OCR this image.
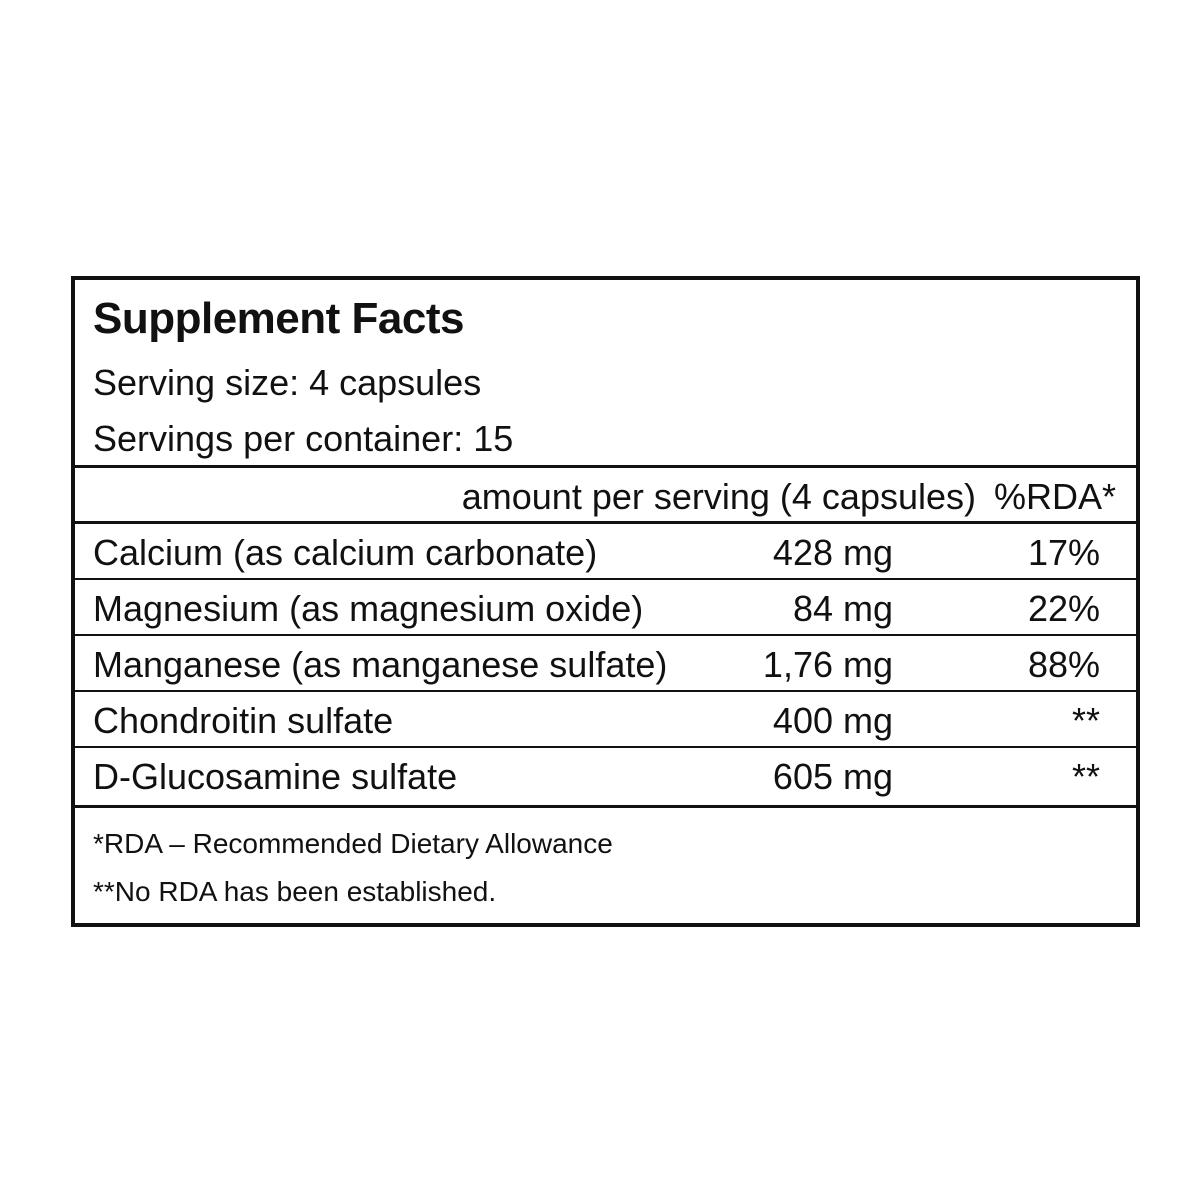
Supplement Facts
Serving size: 4 capsules
Servings per container: 15
amount per serving (4 capsules) %RDA*
Calcium (as calcium carbonate)	428 mg	17%
Magnesium (as magnesium oxide)	84 mg	22%
Manganese (as manganese sulfate)	1,76 mg	88%
Chondroitin sulfate	400 mg	**
D-Glucosamine sulfate	605 mg	**
*RDA – Recommended Dietary Allowance
**No RDA has been established.
